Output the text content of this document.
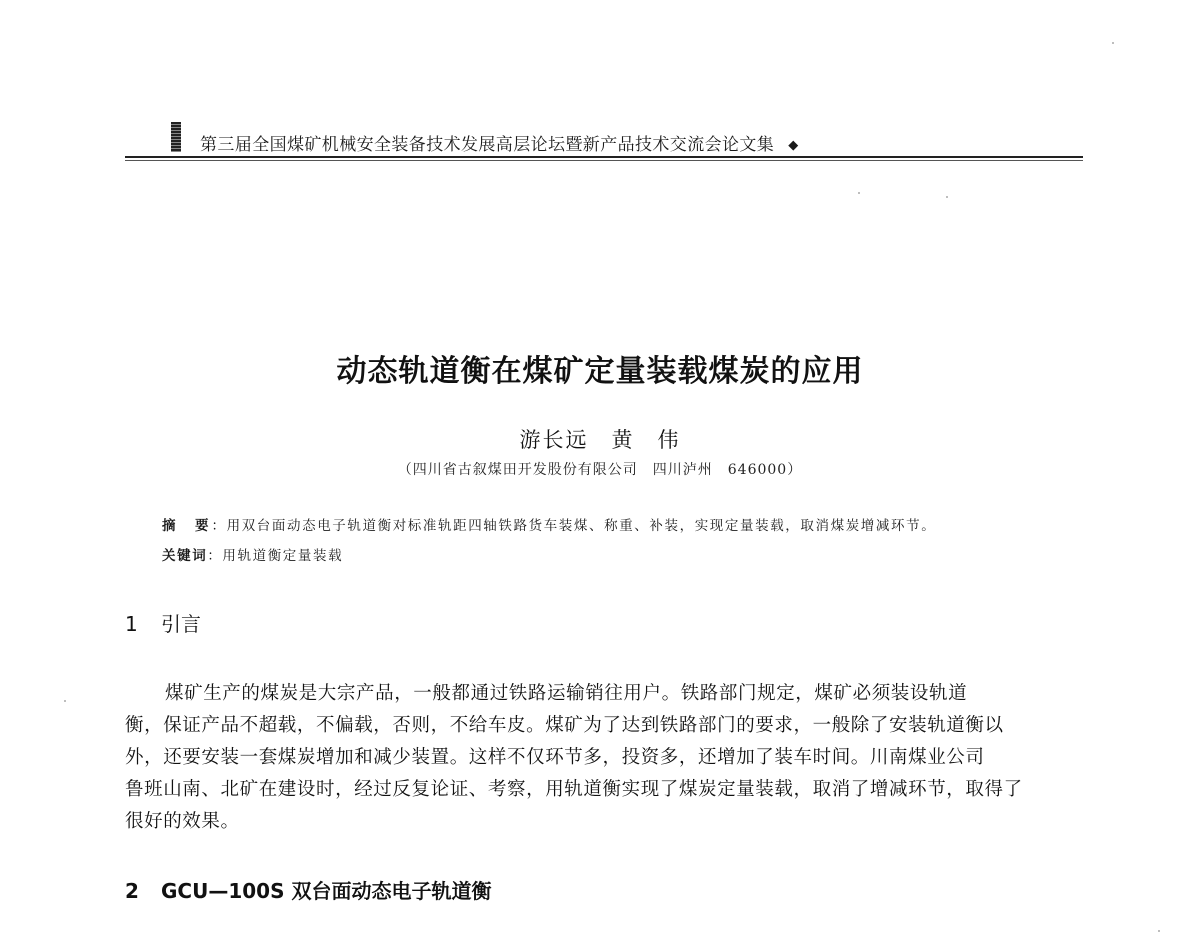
第三届全国煤矿机械安全装备技术发展高层论坛暨新产品技术交流会论文集 ◆
动态轨道衡在煤矿定量装载煤炭的应用
游长远　黄　伟
（四川省古叙煤田开发股份有限公司　四川泸州　646000）
摘　要：用双台面动态电子轨道衡对标准轨距四轴铁路货车装煤、称重、补装，实现定量装载，取消煤炭增减环节。
关键词：用轨道衡定量装载
1 引言
煤矿生产的煤炭是大宗产品，一般都通过铁路运输销往用户。铁路部门规定，煤矿必须装设轨道
衡，保证产品不超载，不偏载，否则，不给车皮。煤矿为了达到铁路部门的要求，一般除了安装轨道衡以
外，还要安装一套煤炭增加和减少装置。这样不仅环节多，投资多，还增加了装车时间。川南煤业公司
鲁班山南、北矿在建设时，经过反复论证、考察，用轨道衡实现了煤炭定量装载，取消了增减环节，取得了
很好的效果。
2 GCU—100S 双台面动态电子轨道衡
